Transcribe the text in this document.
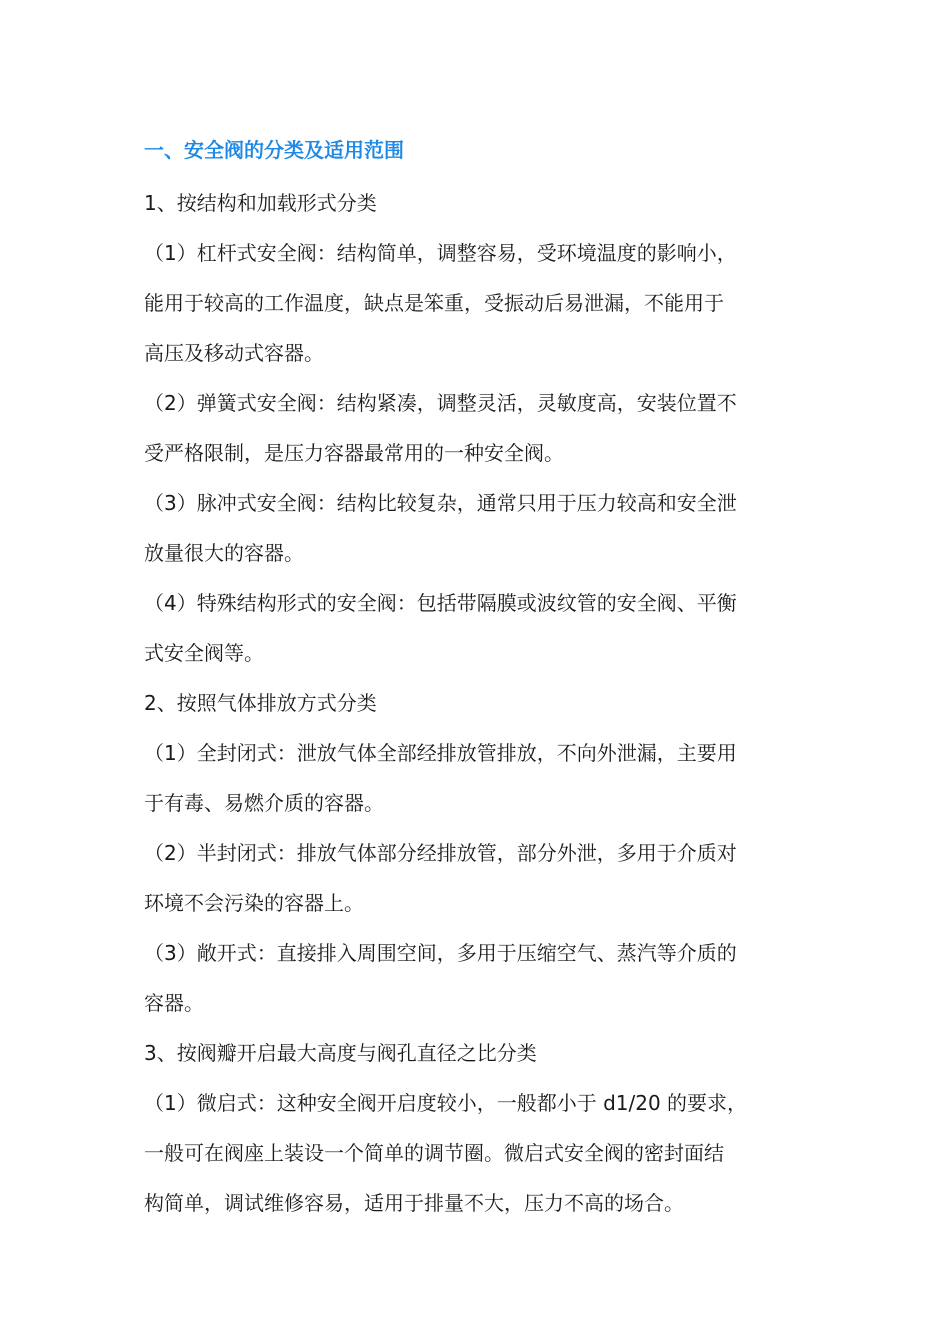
一、安全阀的分类及适用范围
1、按结构和加载形式分类
（1）杠杆式安全阀：结构简单，调整容易，受环境温度的影响小，
能用于较高的工作温度，缺点是笨重，受振动后易泄漏，不能用于
高压及移动式容器。
（2）弹簧式安全阀：结构紧凑，调整灵活，灵敏度高，安装位置不
受严格限制，是压力容器最常用的一种安全阀。
（3）脉冲式安全阀：结构比较复杂，通常只用于压力较高和安全泄
放量很大的容器。
（4）特殊结构形式的安全阀：包括带隔膜或波纹管的安全阀、平衡
式安全阀等。
2、按照气体排放方式分类
（1）全封闭式：泄放气体全部经排放管排放，不向外泄漏，主要用
于有毒、易燃介质的容器。
（2）半封闭式：排放气体部分经排放管，部分外泄，多用于介质对
环境不会污染的容器上。
（3）敞开式：直接排入周围空间，多用于压缩空气、蒸汽等介质的
容器。
3、按阀瓣开启最大高度与阀孔直径之比分类
（1）微启式：这种安全阀开启度较小，一般都小于 d1/20 的要求，
一般可在阀座上装设一个简单的调节圈。微启式安全阀的密封面结
构简单，调试维修容易，适用于排量不大，压力不高的场合。
